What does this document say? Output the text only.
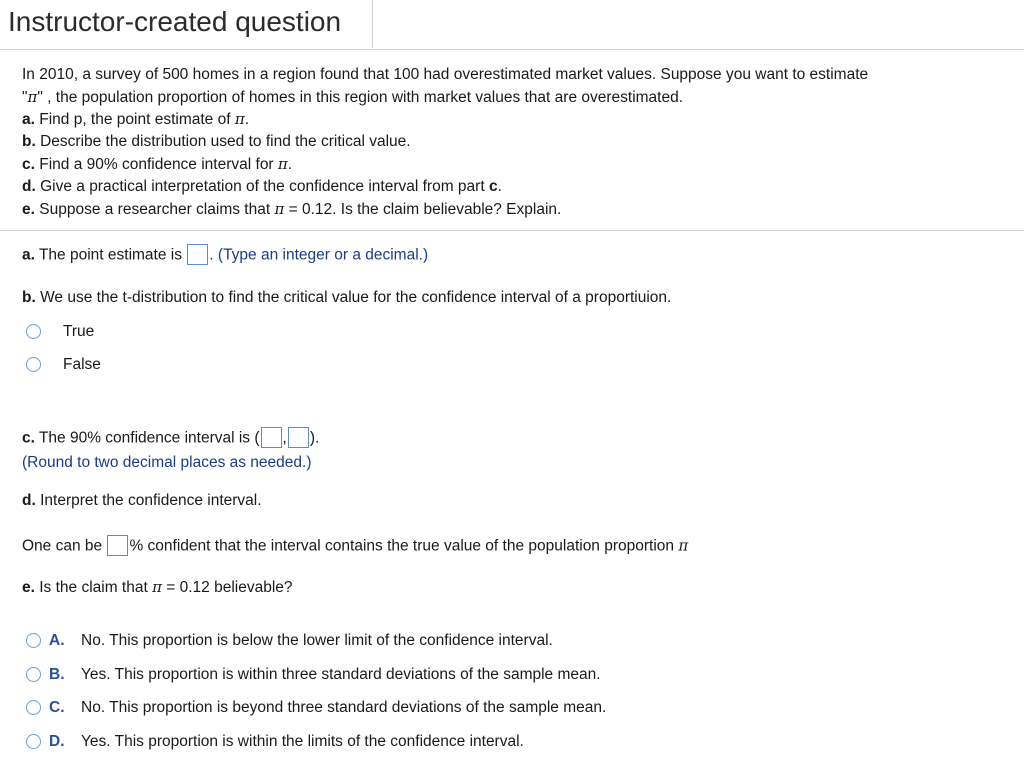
Instructor-created question
In 2010, a survey of 500 homes in a region found that 100 had overestimated market values. Suppose you want to estimate
"π" , the population proportion of homes in this region with market values that are overestimated.
a. Find p, the point estimate of π.
b. Describe the distribution used to find the critical value.
c. Find a 90% confidence interval for π.
d. Give a practical interpretation of the confidence interval from part c.
e. Suppose a researcher claims that π = 0.12. Is the claim believable? Explain.
a. The point estimate is . (Type an integer or a decimal.)
b. We use the t-distribution to find the critical value for the confidence interval of a proportiuion.
True
False
c. The 90% confidence interval is ( , ).
(Round to two decimal places as needed.)
d. Interpret the confidence interval.
One can be % confident that the interval contains the true value of the population proportion π
e. Is the claim that π = 0.12 believable?
A. No. This proportion is below the lower limit of the confidence interval.
B. Yes. This proportion is within three standard deviations of the sample mean.
C. No. This proportion is beyond three standard deviations of the sample mean.
D. Yes. This proportion is within the limits of the confidence interval.
